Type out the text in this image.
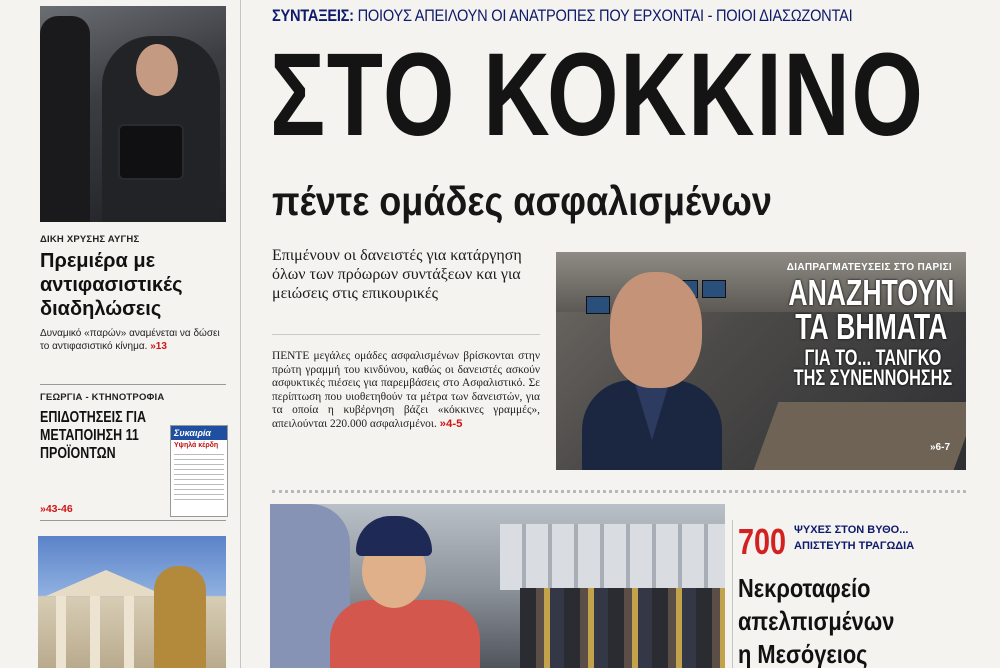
ΔΙΚΗ ΧΡΥΣΗΣ ΑΥΓΗΣ
Πρεμιέρα με αντιφασιστικές διαδηλώσεις

Δυναμικό «παρών» αναμένεται να δώσει το αντιφασιστικό κίνημα. »13

ΓΕΩΡΓΙΑ - ΚΤΗΝΟΤΡΟΦΙΑ
ΕΠΙΔΟΤΗΣΕΙΣ ΓΙΑ ΜΕΤΑΠΟΙΗΣΗ 11 ΠΡΟΪΟΝΤΩΝ
»43-46
Συκαιρία
Υψηλά κέρδη
ΣΥΝΤΑΞΕΙΣ: ΠΟΙΟΥΣ ΑΠΕΙΛΟΥΝ ΟΙ ΑΝΑΤΡΟΠΕΣ ΠΟΥ ΕΡΧΟΝΤΑΙ - ΠΟΙΟΙ ΔΙΑΣΩΖΟΝΤΑΙ
ΣΤΟ ΚΟΚΚΙΝΟ
πέντε ομάδες ασφαλισμένων
Επιμένουν οι δανειστές για κατάργηση όλων των πρόωρων συντάξεων και για μειώσεις στις επικουρικές
ΠΕΝΤΕ μεγάλες ομάδες ασφαλισμένων βρίσκονται στην πρώτη γραμμή του κινδύνου, καθώς οι δανειστές ασκούν ασφυκτικές πιέσεις για παρεμβάσεις στο Ασφαλιστικό. Σε περίπτωση που υιοθετηθούν τα μέτρα των δανειστών, για τα οποία η κυβέρνηση βάζει «κόκκινες γραμμές», απειλούνται 220.000 ασφαλισμένοι. »4-5
ΔΙΑΠΡΑΓΜΑΤΕΥΣΕΙΣ ΣΤΟ ΠΑΡΙΣΙ
ΑΝΑΖΗΤΟΥΝ
ΤΑ ΒΗΜΑΤΑ
ΓΙΑ ΤΟ... ΤΑΝΓΚΟ
ΤΗΣ ΣΥΝΕΝΝΟΗΣΗΣ
»6-7
700 ΨΥΧΕΣ ΣΤΟΝ ΒΥΘΟ...
ΑΠΙΣΤΕΥΤΗ ΤΡΑΓΩΔΙΑ
Νεκροταφείο
απελπισμένων
η Μεσόγειος
